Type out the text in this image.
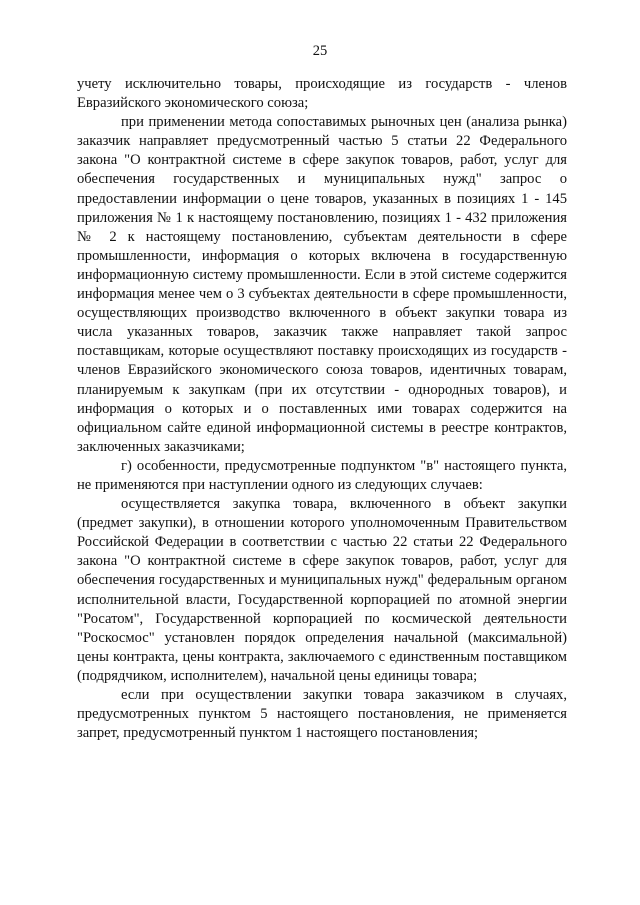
25

учету исключительно товары, происходящие из государств - членов Евразийского экономического союза;

при применении метода сопоставимых рыночных цен (анализа рынка) заказчик направляет предусмотренный частью 5 статьи 22 Федерального закона "О контрактной системе в сфере закупок товаров, работ, услуг для обеспечения государственных и муниципальных нужд" запрос о предоставлении информации о цене товаров, указанных в позициях 1 - 145 приложения № 1 к настоящему постановлению, позициях 1 - 432 приложения № 2 к настоящему постановлению, субъектам деятельности в сфере промышленности, информация о которых включена в государственную информационную систему промышленности. Если в этой системе содержится информация менее чем о 3 субъектах деятельности в сфере промышленности, осуществляющих производство включенного в объект закупки товара из числа указанных товаров, заказчик также направляет такой запрос поставщикам, которые осуществляют поставку происходящих из государств - членов Евразийского экономического союза товаров, идентичных товарам, планируемым к закупкам (при их отсутствии - однородных товаров), и информация о которых и о поставленных ими товарах содержится на официальном сайте единой информационной системы в реестре контрактов, заключенных заказчиками;

г) особенности, предусмотренные подпунктом "в" настоящего пункта, не применяются при наступлении одного из следующих случаев:

осуществляется закупка товара, включенного в объект закупки (предмет закупки), в отношении которого уполномоченным Правительством Российской Федерации в соответствии с частью 22 статьи 22 Федерального закона "О контрактной системе в сфере закупок товаров, работ, услуг для обеспечения государственных и муниципальных нужд" федеральным органом исполнительной власти, Государственной корпорацией по атомной энергии "Росатом", Государственной корпорацией по космической деятельности "Роскосмос" установлен порядок определения начальной (максимальной) цены контракта, цены контракта, заключаемого с единственным поставщиком (подрядчиком, исполнителем), начальной цены единицы товара;

если при осуществлении закупки товара заказчиком в случаях, предусмотренных пунктом 5 настоящего постановления, не применяется запрет, предусмотренный пунктом 1 настоящего постановления;
